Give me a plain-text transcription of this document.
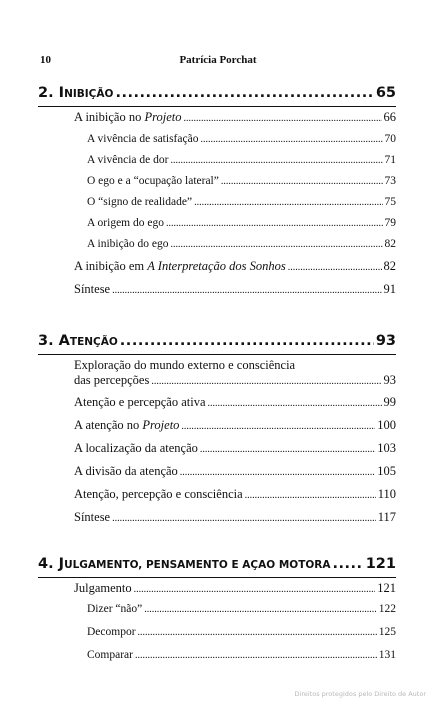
10	Patrícia Porchat
2. INIBIÇÃO .....	65
A inibição no Projeto .....	66
A vivência de satisfação .....	70
A vivência de dor .....	71
O ego e a “ocupação lateral” .....	73
O “signo de realidade” .....	75
A origem do ego .....	79
A inibição do ego .....	82
A inibição em A Interpretação dos Sonhos .....	82
Síntese .....	91
3. ATENÇÃO .....	93
Exploração do mundo externo e consciência
das percepções .....	93
Atenção e percepção ativa .....	99
A atenção no Projeto .....	100
A localização da atenção .....	103
A divisão da atenção .....	105
Atenção, percepção e consciência .....	110
Síntese .....	117
4. JULGAMENTO, PENSAMENTO E AÇAO MOTORA ..... 121
Julgamento .....	121
Dizer “não” .....	122
Decompor .....	125
Comparar .....	131
Direitos protegidos pelo Direito de Autor
